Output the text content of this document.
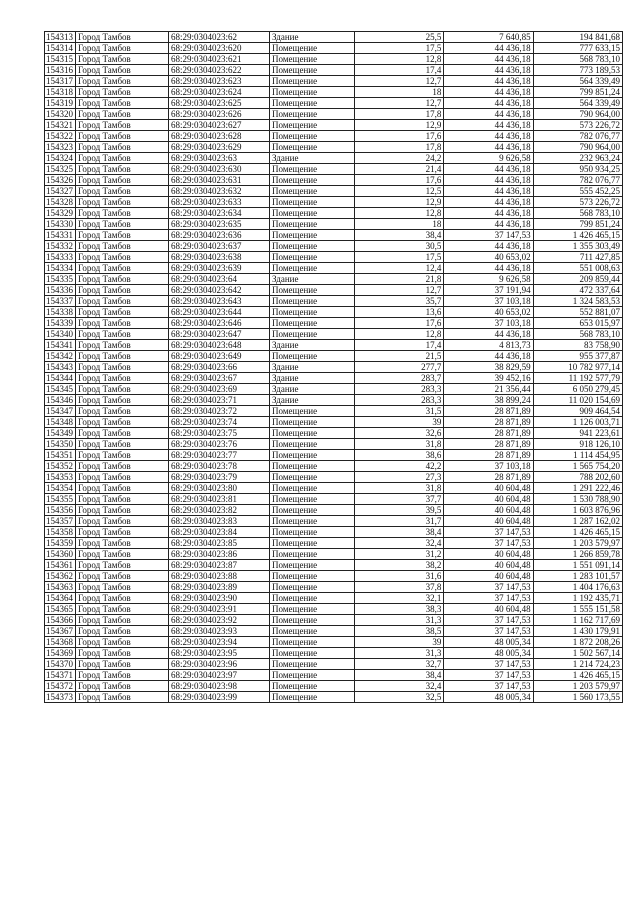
154313	Город Тамбов	68:29:0304023:62	Здание	25,5	7 640,85	194 841,68
154314	Город Тамбов	68:29:0304023:620	Помещение	17,5	44 436,18	777 633,15
154315	Город Тамбов	68:29:0304023:621	Помещение	12,8	44 436,18	568 783,10
154316	Город Тамбов	68:29:0304023:622	Помещение	17,4	44 436,18	773 189,53
154317	Город Тамбов	68:29:0304023:623	Помещение	12,7	44 436,18	564 339,49
154318	Город Тамбов	68:29:0304023:624	Помещение	18	44 436,18	799 851,24
154319	Город Тамбов	68:29:0304023:625	Помещение	12,7	44 436,18	564 339,49
154320	Город Тамбов	68:29:0304023:626	Помещение	17,8	44 436,18	790 964,00
154321	Город Тамбов	68:29:0304023:627	Помещение	12,9	44 436,18	573 226,72
154322	Город Тамбов	68:29:0304023:628	Помещение	17,6	44 436,18	782 076,77
154323	Город Тамбов	68:29:0304023:629	Помещение	17,8	44 436,18	790 964,00
154324	Город Тамбов	68:29:0304023:63	Здание	24,2	9 626,58	232 963,24
154325	Город Тамбов	68:29:0304023:630	Помещение	21,4	44 436,18	950 934,25
154326	Город Тамбов	68:29:0304023:631	Помещение	17,6	44 436,18	782 076,77
154327	Город Тамбов	68:29:0304023:632	Помещение	12,5	44 436,18	555 452,25
154328	Город Тамбов	68:29:0304023:633	Помещение	12,9	44 436,18	573 226,72
154329	Город Тамбов	68:29:0304023:634	Помещение	12,8	44 436,18	568 783,10
154330	Город Тамбов	68:29:0304023:635	Помещение	18	44 436,18	799 851,24
154331	Город Тамбов	68:29:0304023:636	Помещение	38,4	37 147,53	1 426 465,15
154332	Город Тамбов	68:29:0304023:637	Помещение	30,5	44 436,18	1 355 303,49
154333	Город Тамбов	68:29:0304023:638	Помещение	17,5	40 653,02	711 427,85
154334	Город Тамбов	68:29:0304023:639	Помещение	12,4	44 436,18	551 008,63
154335	Город Тамбов	68:29:0304023:64	Здание	21,8	9 626,58	209 859,44
154336	Город Тамбов	68:29:0304023:642	Помещение	12,7	37 191,94	472 337,64
154337	Город Тамбов	68:29:0304023:643	Помещение	35,7	37 103,18	1 324 583,53
154338	Город Тамбов	68:29:0304023:644	Помещение	13,6	40 653,02	552 881,07
154339	Город Тамбов	68:29:0304023:646	Помещение	17,6	37 103,18	653 015,97
154340	Город Тамбов	68:29:0304023:647	Помещение	12,8	44 436,18	568 783,10
154341	Город Тамбов	68:29:0304023:648	Здание	17,4	4 813,73	83 758,90
154342	Город Тамбов	68:29:0304023:649	Помещение	21,5	44 436,18	955 377,87
154343	Город Тамбов	68:29:0304023:66	Здание	277,7	38 829,59	10 782 977,14
154344	Город Тамбов	68:29:0304023:67	Здание	283,7	39 452,16	11 192 577,79
154345	Город Тамбов	68:29:0304023:69	Здание	283,3	21 356,44	6 050 279,45
154346	Город Тамбов	68:29:0304023:71	Здание	283,3	38 899,24	11 020 154,69
154347	Город Тамбов	68:29:0304023:72	Помещение	31,5	28 871,89	909 464,54
154348	Город Тамбов	68:29:0304023:74	Помещение	39	28 871,89	1 126 003,71
154349	Город Тамбов	68:29:0304023:75	Помещение	32,6	28 871,89	941 223,61
154350	Город Тамбов	68:29:0304023:76	Помещение	31,8	28 871,89	918 126,10
154351	Город Тамбов	68:29:0304023:77	Помещение	38,6	28 871,89	1 114 454,95
154352	Город Тамбов	68:29:0304023:78	Помещение	42,2	37 103,18	1 565 754,20
154353	Город Тамбов	68:29:0304023:79	Помещение	27,3	28 871,89	788 202,60
154354	Город Тамбов	68:29:0304023:80	Помещение	31,8	40 604,48	1 291 222,46
154355	Город Тамбов	68:29:0304023:81	Помещение	37,7	40 604,48	1 530 788,90
154356	Город Тамбов	68:29:0304023:82	Помещение	39,5	40 604,48	1 603 876,96
154357	Город Тамбов	68:29:0304023:83	Помещение	31,7	40 604,48	1 287 162,02
154358	Город Тамбов	68:29:0304023:84	Помещение	38,4	37 147,53	1 426 465,15
154359	Город Тамбов	68:29:0304023:85	Помещение	32,4	37 147,53	1 203 579,97
154360	Город Тамбов	68:29:0304023:86	Помещение	31,2	40 604,48	1 266 859,78
154361	Город Тамбов	68:29:0304023:87	Помещение	38,2	40 604,48	1 551 091,14
154362	Город Тамбов	68:29:0304023:88	Помещение	31,6	40 604,48	1 283 101,57
154363	Город Тамбов	68:29:0304023:89	Помещение	37,8	37 147,53	1 404 176,63
154364	Город Тамбов	68:29:0304023:90	Помещение	32,1	37 147,53	1 192 435,71
154365	Город Тамбов	68:29:0304023:91	Помещение	38,3	40 604,48	1 555 151,58
154366	Город Тамбов	68:29:0304023:92	Помещение	31,3	37 147,53	1 162 717,69
154367	Город Тамбов	68:29:0304023:93	Помещение	38,5	37 147,53	1 430 179,91
154368	Город Тамбов	68:29:0304023:94	Помещение	39	48 005,34	1 872 208,26
154369	Город Тамбов	68:29:0304023:95	Помещение	31,3	48 005,34	1 502 567,14
154370	Город Тамбов	68:29:0304023:96	Помещение	32,7	37 147,53	1 214 724,23
154371	Город Тамбов	68:29:0304023:97	Помещение	38,4	37 147,53	1 426 465,15
154372	Город Тамбов	68:29:0304023:98	Помещение	32,4	37 147,53	1 203 579,97
154373	Город Тамбов	68:29:0304023:99	Помещение	32,5	48 005,34	1 560 173,55
